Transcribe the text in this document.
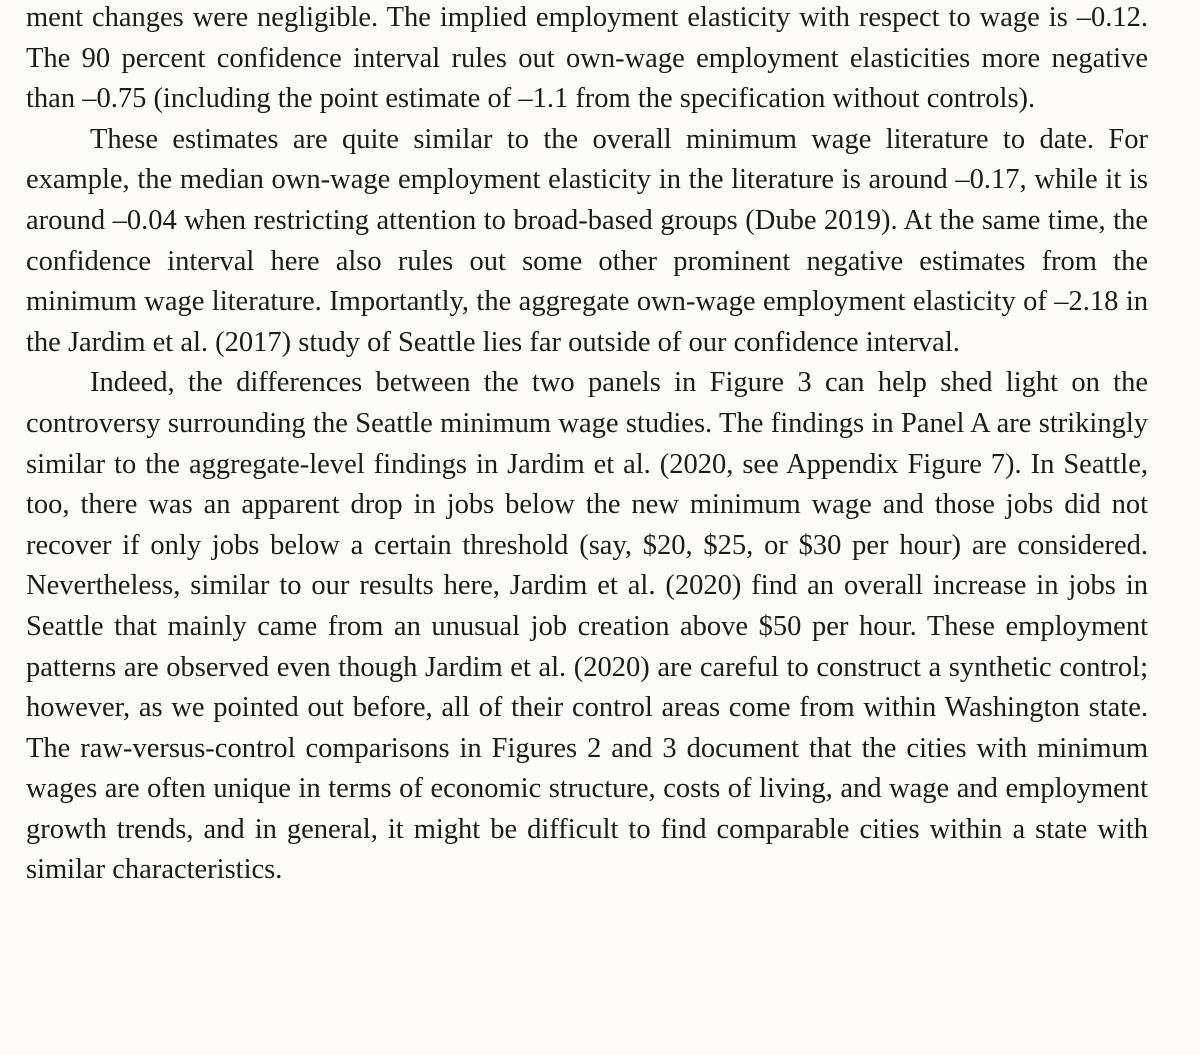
ment changes were negligible. The implied employment elasticity with respect to wage is –0.12. The 90 percent confidence interval rules out own-wage employment elasticities more negative than –0.75 (including the point estimate of –1.1 from the specification without controls).

These estimates are quite similar to the overall minimum wage literature to date. For example, the median own-wage employment elasticity in the literature is around –0.17, while it is around –0.04 when restricting attention to broad-based groups (Dube 2019). At the same time, the confidence interval here also rules out some other prominent negative estimates from the minimum wage literature. Importantly, the aggregate own-wage employment elasticity of –2.18 in the Jardim et al. (2017) study of Seattle lies far outside of our confidence interval.

Indeed, the differences between the two panels in Figure 3 can help shed light on the controversy surrounding the Seattle minimum wage studies. The findings in Panel A are strikingly similar to the aggregate-level findings in Jardim et al. (2020, see Appendix Figure 7). In Seattle, too, there was an apparent drop in jobs below the new minimum wage and those jobs did not recover if only jobs below a certain threshold (say, $20, $25, or $30 per hour) are considered. Nevertheless, similar to our results here, Jardim et al. (2020) find an overall increase in jobs in Seattle that mainly came from an unusual job creation above $50 per hour. These employment patterns are observed even though Jardim et al. (2020) are careful to construct a synthetic control; however, as we pointed out before, all of their control areas come from within Washington state. The raw-versus-control comparisons in Figures 2 and 3 document that the cities with minimum wages are often unique in terms of economic structure, costs of living, and wage and employment growth trends, and in general, it might be difficult to find comparable cities within a state with similar characteristics.
